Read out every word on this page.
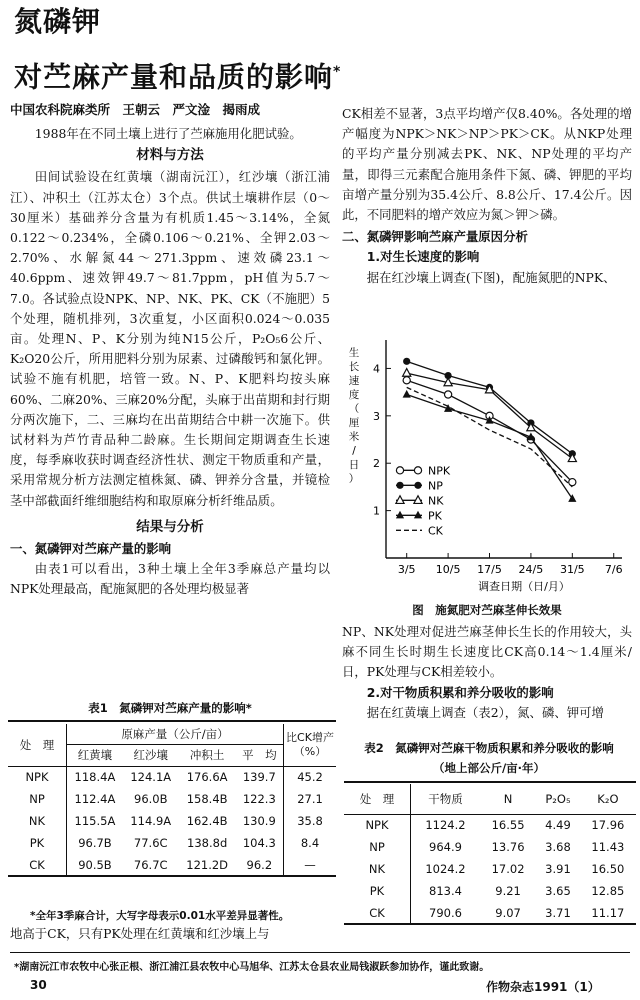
氮磷钾
对苎麻产量和品质的影响*
中国农科院麻类所　王朝云　严文淦　揭雨成

1988年在不同土壤上进行了苎麻施用化肥试验。

材料与方法

田间试验设在红黄壤（湖南沅江），红沙壤（浙江浦江）、冲积土（江苏太仓）3个点。供试土壤耕作层（0～30厘米）基础养分含量为有机质1.45～3.14%，全氮0.122～0.234%，全磷0.106～0.21%、全钾2.03～2.70%、水解氮44～271.3ppm、速效磷23.1～40.6ppm、速效钾49.7～81.7ppm，pH值为5.7～7.0。各试验点设NPK、NP、NK、PK、CK（不施肥）5个处理，随机排列，3次重复，小区面积0.024～0.035亩。处理N、P、K分别为纯N15公斤，P₂O₅6公斤、K₂O20公斤，所用肥料分别为尿素、过磷酸钙和氯化钾。试验不施有机肥，培管一致。N、P、K肥料均按头麻60%、二麻20%、三麻20%分配，头麻于出苗期和封行期分两次施下，二、三麻均在出苗期结合中耕一次施下。供试材料为芦竹青品种二龄麻。生长期间定期调查生长速度，每季麻收获时调查经济性状、测定干物质重和产量，采用常规分析方法测定植株氮、磷、钾养分含量，并镜检茎中部截面纤维细胞结构和取原麻分析纤维品质。

结果与分析
一、氮磷钾对苎麻产量的影响

由表1可以看出，3种土壤上全年3季麻总产量均以NPK处理最高，配施氮肥的各处理均极显著

表1　氮磷钾对苎麻产量的影响*
处　理	原麻产量（公斤/亩）				比CK增产（%）
	红黄壤	红沙壤	冲积土	平　均	
NPK	118.4A	124.1A	176.6A	139.7	45.2
NP	112.4A	96.0B	158.4B	122.3	27.1
NK	115.5A	114.9A	162.4B	130.9	35.8
PK	96.7B	77.6C	138.8d	104.3	8.4
CK	90.5B	76.7C	121.2D	96.2	—
*全年3季麻合计，大写字母表示0.01水平差异显著性。

地高于CK，只有PK处理在红黄壤和红沙壤上与

CK相差不显著，3点平均增产仅8.40%。各处理的增产幅度为NPK＞NK＞NP＞PK＞CK。从NKP处理的平均产量分别减去PK、NK、NP处理的平均产量，即得三元素配合施用条件下氮、磷、钾肥的平均亩增产量分别为35.4公斤、8.8公斤、17.4公斤。因此，不同肥料的增产效应为氮＞钾＞磷。

二、氮磷钾影响苎麻产量原因分析
1.对生长速度的影响

据在红沙壤上调查(下图)，配施氮肥的NPK、

1
2
3
4
生
长
速
度
（
厘
米
/
日
）
3/5 10/5 17/5 24/5 31/5 7/6
调查日期（日/月）
NPK
NP
NK
PK
CK
图　施氮肥对苎麻茎伸长效果

NP、NK处理对促进苎麻茎伸长生长的作用较大，头麻不同生长时期生长速度比CK高0.14～1.4厘米/日，PK处理与CK相差较小。

2.对干物质积累和养分吸收的影响

据在红黄壤上调查（表2），氮、磷、钾可增

表2　氮磷钾对苎麻干物质积累和养分吸收的影响
（地上部公斤/亩·年）
处　理	干物质	N	P₂O₅	K₂O
NPK	1124.2	16.55	4.49	17.96
NP	964.9	13.76	3.68	11.43
NK	1024.2	17.02	3.91	16.50
PK	813.4	9.21	3.65	12.85
CK	790.6	9.07	3.71	11.17
*湖南沅江市农牧中心张正根、浙江浦江县农牧中心马旭华、江苏太仓县农业局钱淑跃参加协作，谨此致谢。
30	作物杂志1991（1）
